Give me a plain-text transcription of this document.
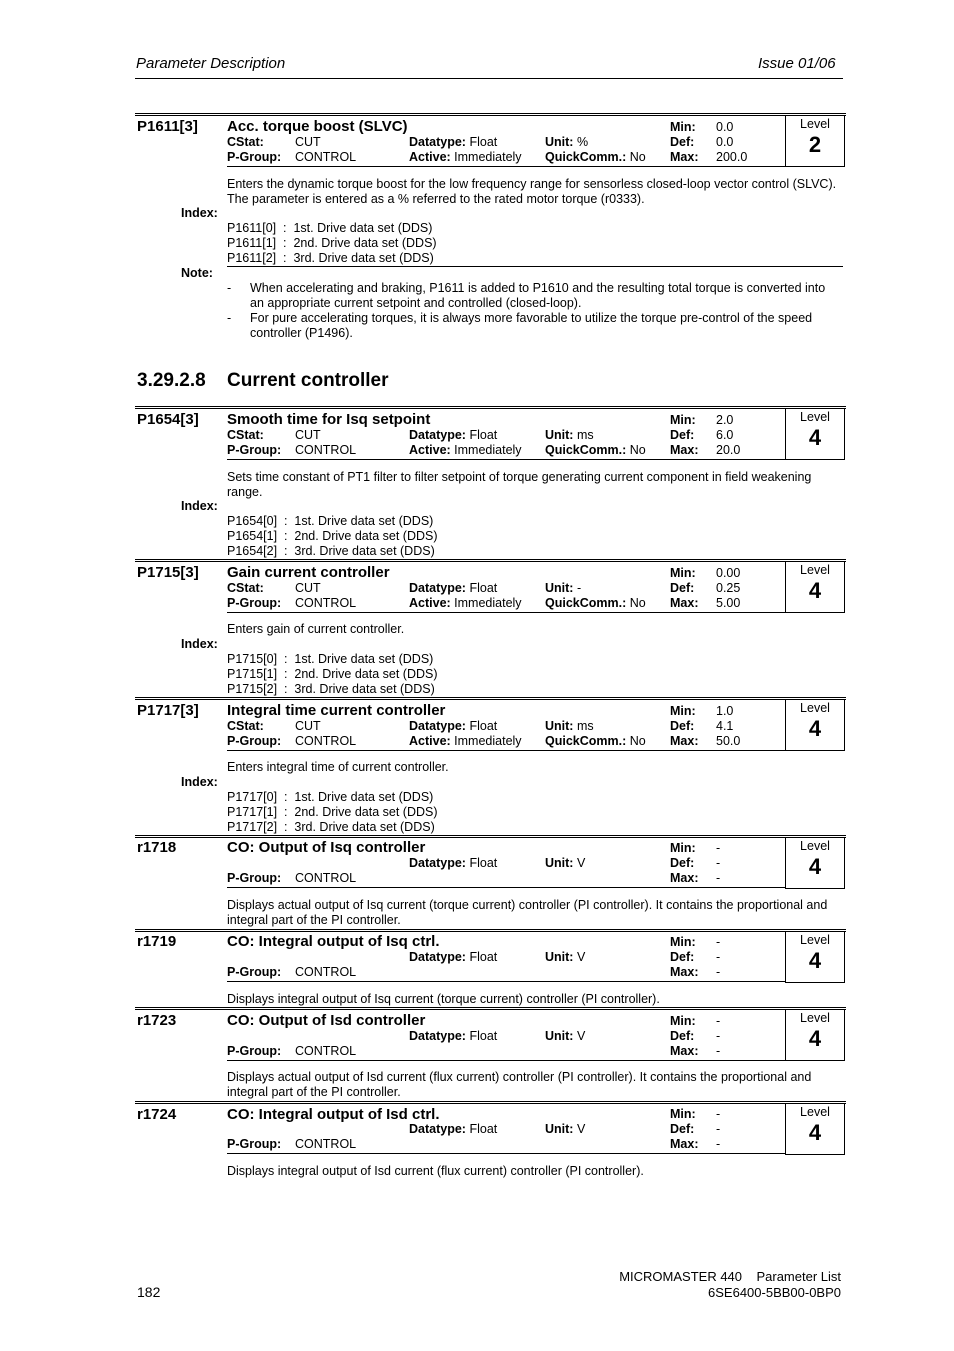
Parameter Description	Issue 01/06
P1611[3] Acc. torque boost (SLVC)
CStat: CUT	Datatype: Float	Unit: %
P-Group: CONTROL	Active: Immediately QuickComm.: No
Min: 0.0
Def: 0.0
Max: 200.0
Level
2
Enters the dynamic torque boost for the low frequency range for sensorless closed-loop vector control (SLVC). The parameter is entered as a % referred to the rated motor torque (r0333).
Index:
P1611[0]  :  1st. Drive data set (DDS)
P1611[1]  :  2nd. Drive data set (DDS)
P1611[2]  :  3rd. Drive data set (DDS)
Note:
-	When accelerating and braking, P1611 is added to P1610 and the resulting total torque is converted into an appropriate current setpoint and controlled (closed-loop).
-	For pure accelerating torques, it is always more favorable to utilize the torque pre-control of the speed controller (P1496).
3.29.2.8 Current controller
P1654[3] Smooth time for Isq setpoint
CStat: CUT	Datatype: Float	Unit: ms
P-Group: CONTROL	Active: Immediately QuickComm.: No
Min: 2.0
Def: 6.0
Max: 20.0
Level
4
Sets time constant of PT1 filter to filter setpoint of torque generating current component in field weakening range.
Index:
P1654[0]  :  1st. Drive data set (DDS)
P1654[1]  :  2nd. Drive data set (DDS)
P1654[2]  :  3rd. Drive data set (DDS)
P1715[3] Gain current controller
CStat: CUT	Datatype: Float	Unit: -
P-Group: CONTROL	Active: Immediately QuickComm.: No
Min: 0.00
Def: 0.25
Max: 5.00
Level
4
Enters gain of current controller.
Index:
P1715[0]  :  1st. Drive data set (DDS)
P1715[1]  :  2nd. Drive data set (DDS)
P1715[2]  :  3rd. Drive data set (DDS)
P1717[3] Integral time current controller
CStat: CUT	Datatype: Float	Unit: ms
P-Group: CONTROL	Active: Immediately QuickComm.: No
Min: 1.0
Def: 4.1
Max: 50.0
Level
4
Enters integral time of current controller.
Index:
P1717[0]  :  1st. Drive data set (DDS)
P1717[1]  :  2nd. Drive data set (DDS)
P1717[2]  :  3rd. Drive data set (DDS)
r1718	CO: Output of Isq controller
Datatype: Float	Unit: V
P-Group: CONTROL
Min: -
Def: -
Max: -
Level
4
Displays actual output of Isq current (torque current) controller (PI controller). It contains the proportional and integral part of the PI controller.
r1719	CO: Integral output of Isq ctrl.
Datatype: Float	Unit: V
P-Group: CONTROL
Min: -
Def: -
Max: -
Level
4
Displays integral output of Isq current (torque current) controller (PI controller).
r1723	CO: Output of Isd controller
Datatype: Float	Unit: V
P-Group: CONTROL
Min: -
Def: -
Max: -
Level
4
Displays actual output of Isd current (flux current) controller (PI controller). It contains the proportional and integral part of the PI controller.
r1724	CO: Integral output of Isd ctrl.
Datatype: Float	Unit: V
P-Group: CONTROL
Min: -
Def: -
Max: -
Level
4
Displays integral output of Isd current (flux current) controller (PI controller).
182
MICROMASTER 440    Parameter List
6SE6400-5BB00-0BP0
